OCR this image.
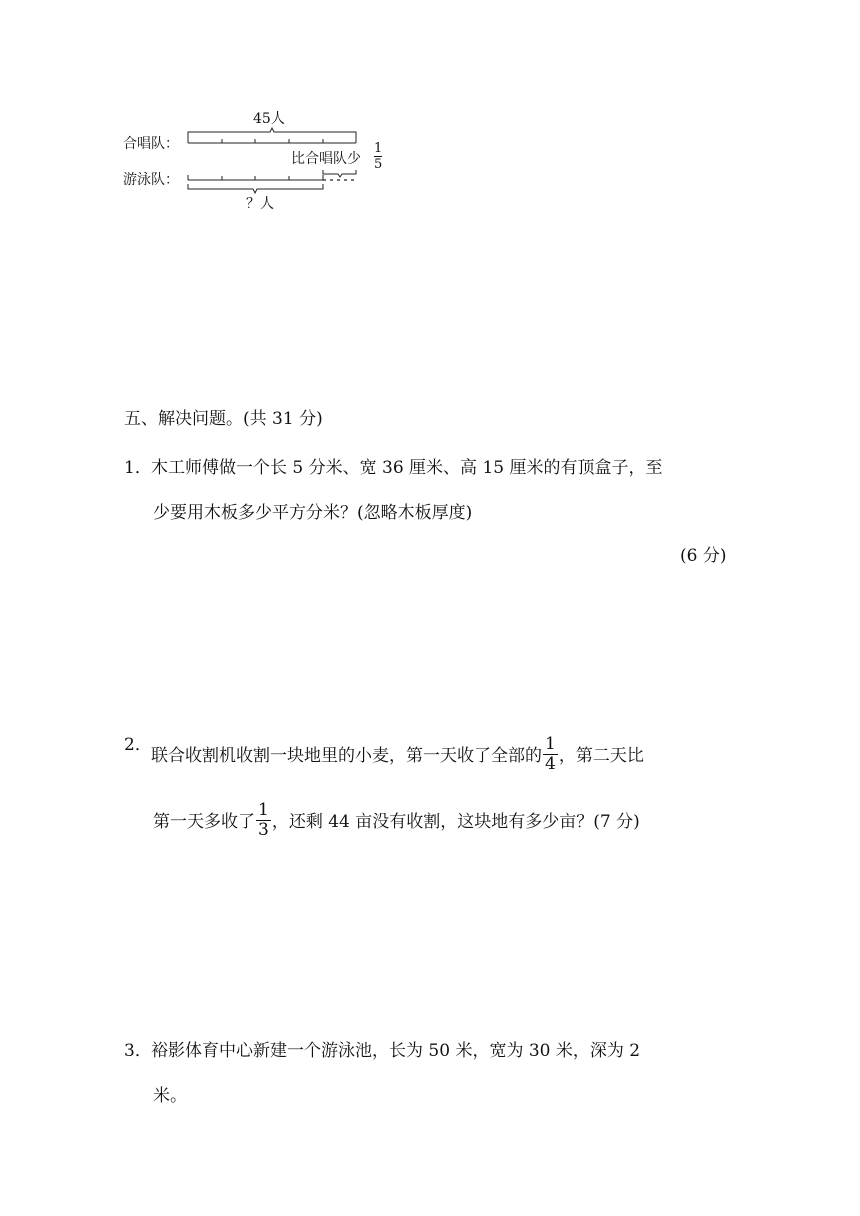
45人
合唱队：
游泳队：
比合唱队少 $\frac{1}{5}$
？人
五、解决问题。(共 31 分)
1． 木工师傅做一个长 5 分米、宽 36 厘米、高 15 厘米的有顶盒子，至
少要用木板多少平方分米？(忽略木板厚度)
(6 分)
2．
联合收割机收割一块地里的小麦，第一天收了全部的 $\frac{1}{4}$ ，第二天比
第一天多收了 $\frac{1}{3}$ ，还剩 44 亩没有收割，这块地有多少亩？(7 分)
3． 裕影体育中心新建一个游泳池，长为 50 米，宽为 30 米，深为 2
米。
